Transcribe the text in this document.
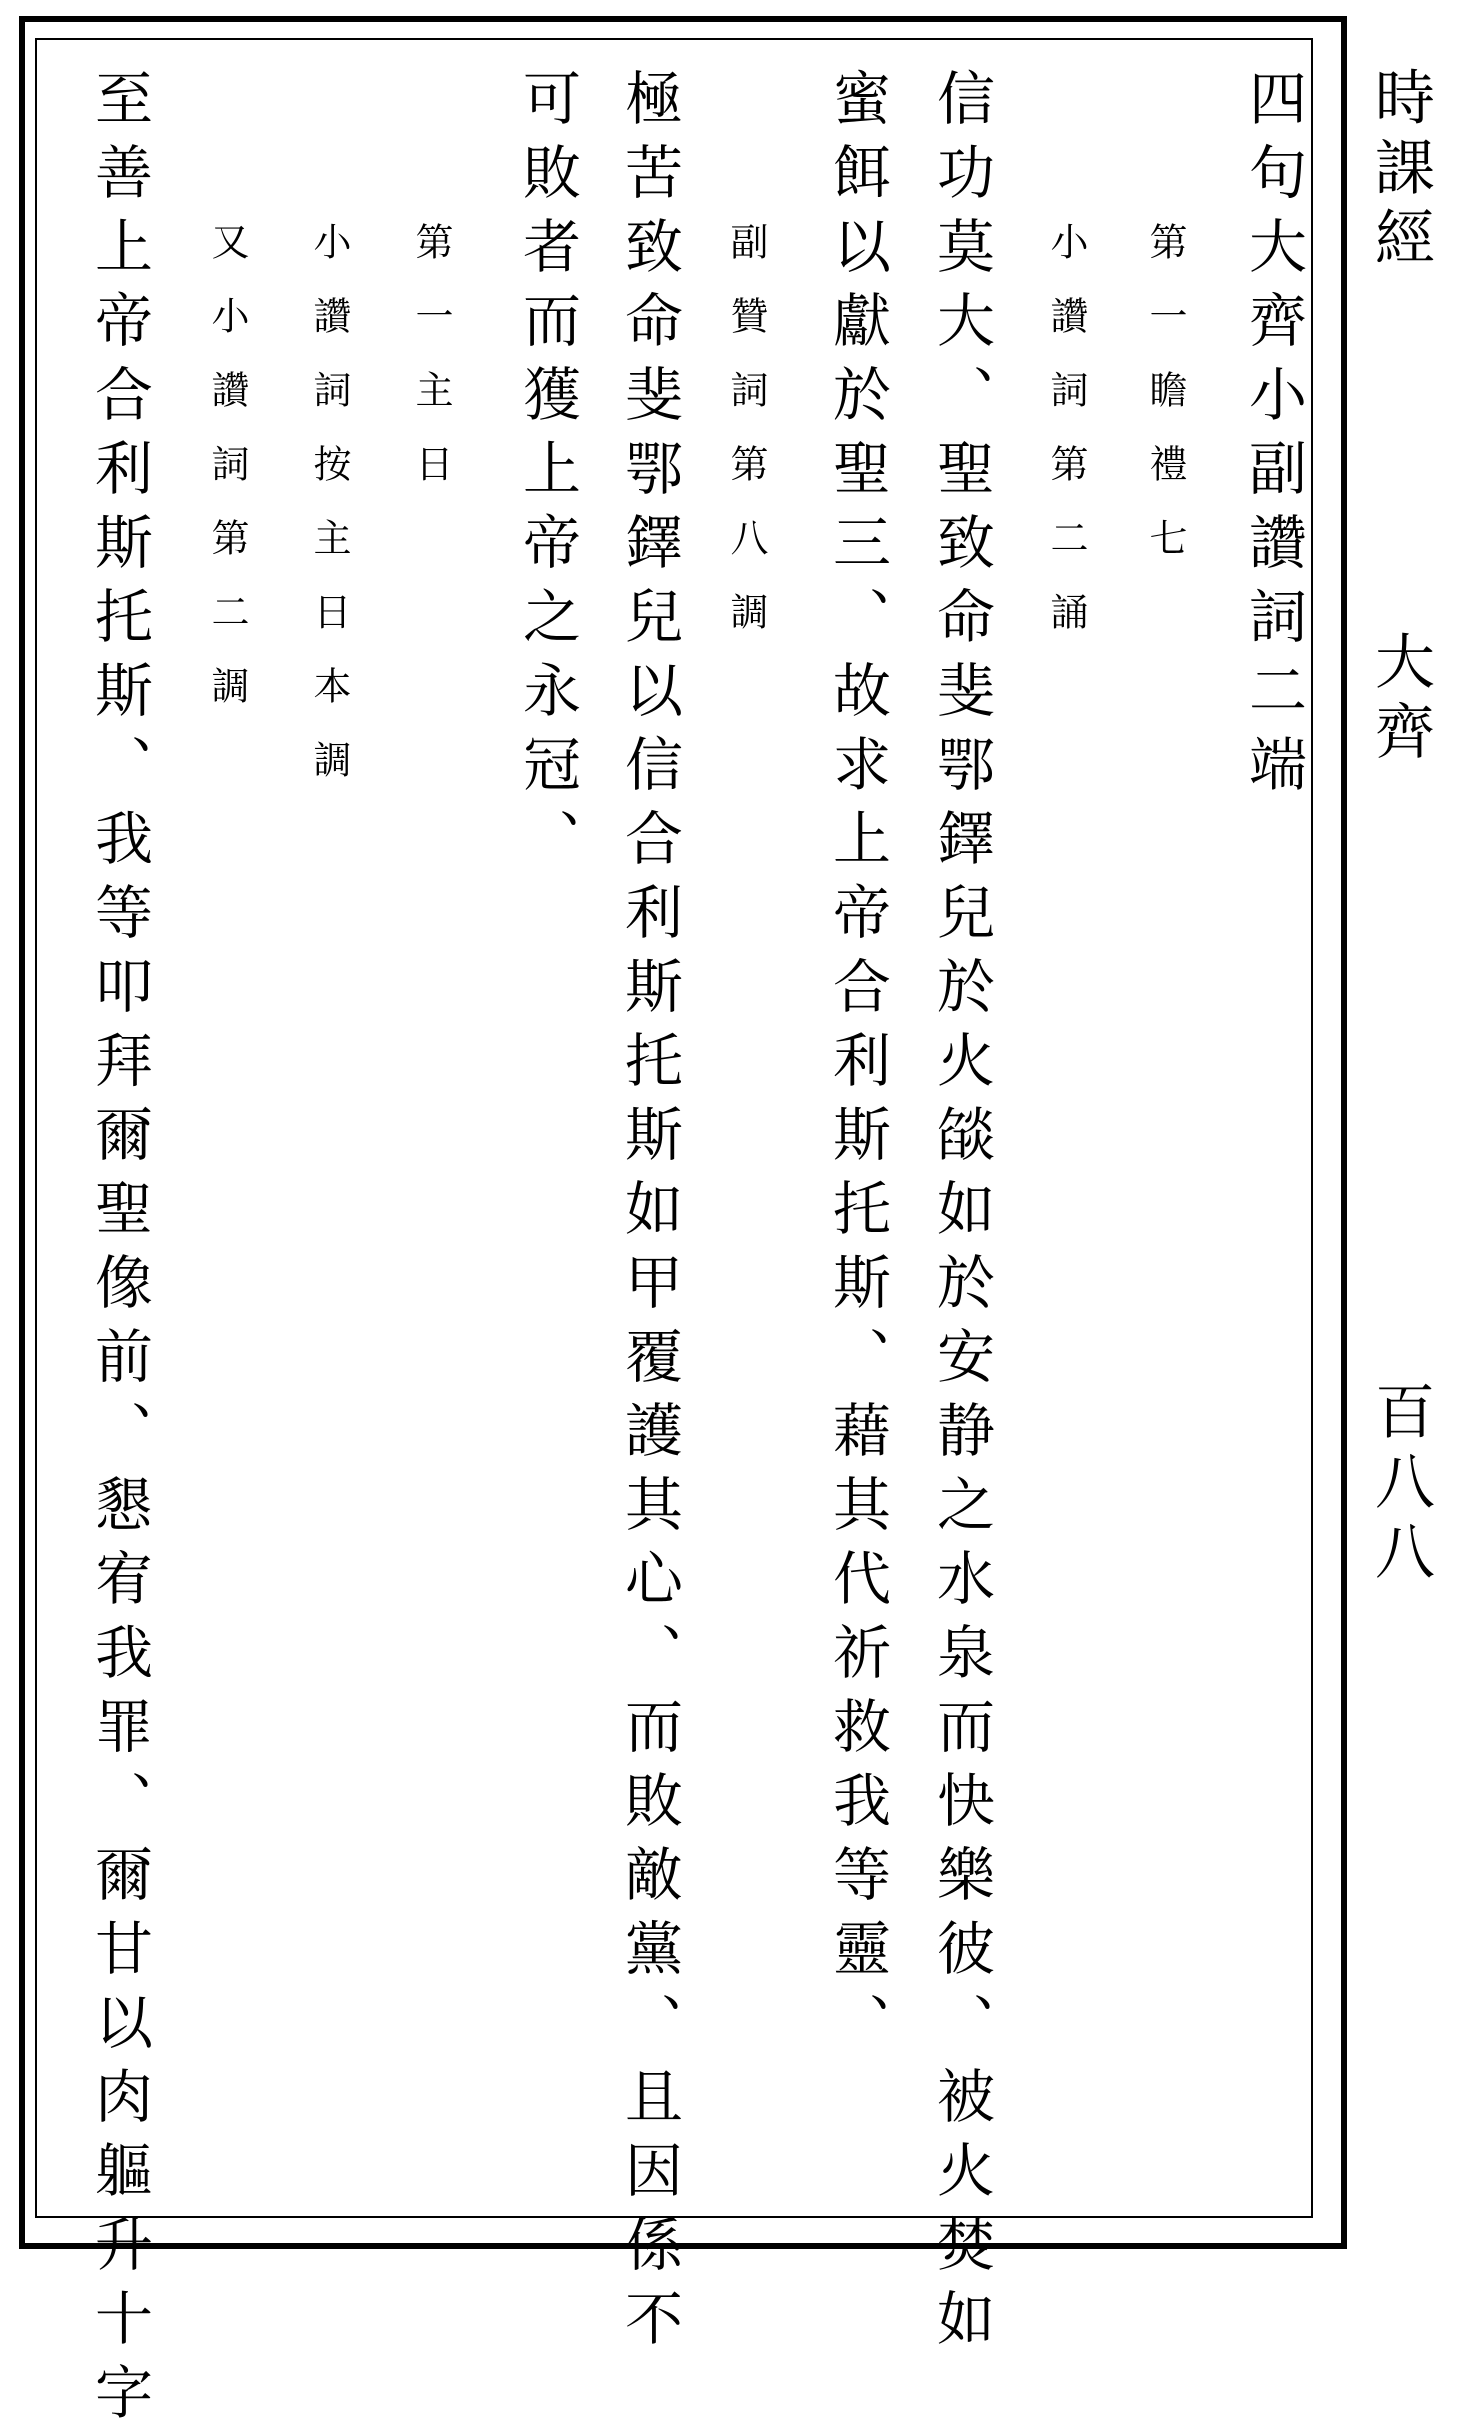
時課經
大齊
百八八
四句大齊小副讚詞二端
第一瞻禮七
信功莫大、聖致命斐鄂鐸兒於火燄如於安静之水泉而快樂彼、被火焚如 小讚詞第二誦
蜜餌以獻於聖三、故求上帝合利斯托斯、藉其代祈救我等靈、
副贊詞第八調
極苦致命斐鄂鐸兒以信合利斯托斯如甲覆護其心、而敗敵黨、且因係不
可敗者而獲上帝之永冠、
第一主日
小讚詞按主日本調
又小讚詞第二調
至善上帝合利斯托斯、我等叩拜爾聖像前、懇宥我罪、爾甘以肉軀升十字
